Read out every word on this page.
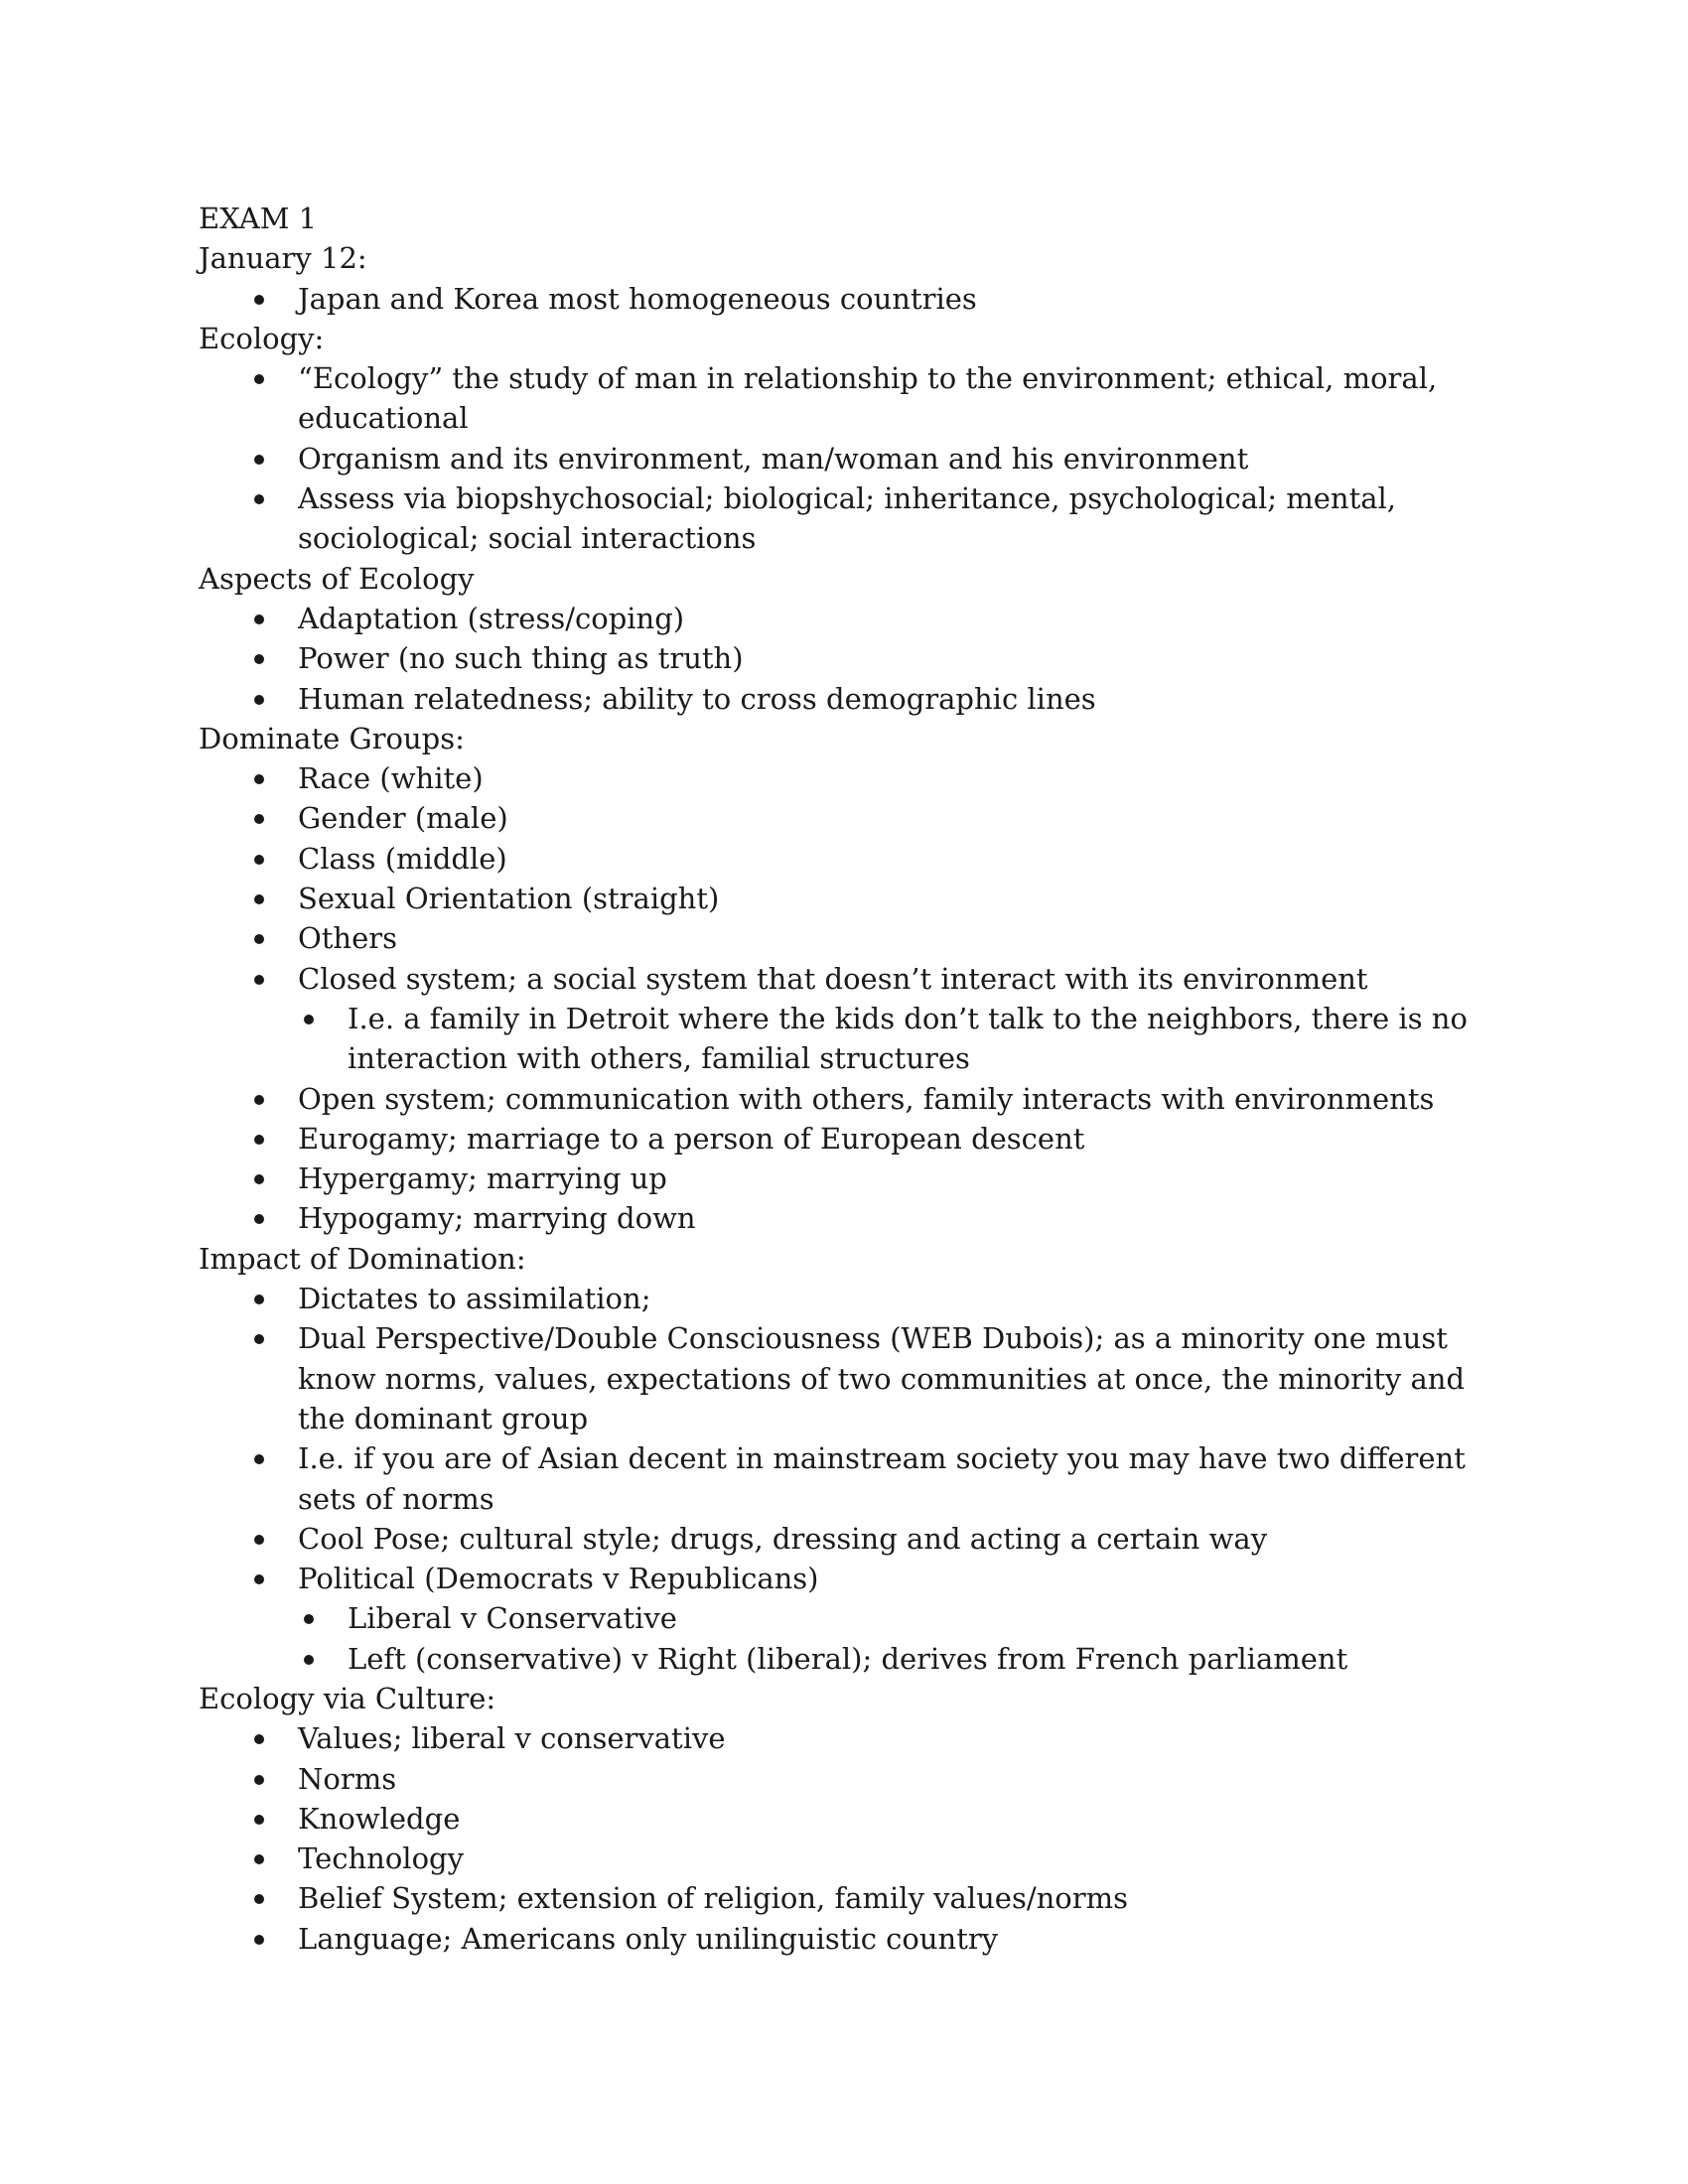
EXAM 1
January 12:
Japan and Korea most homogeneous countries
Ecology:
“Ecology” the study of man in relationship to the environment; ethical, moral, educational
Organism and its environment, man/woman and his environment
Assess via biopshychosocial; biological; inheritance, psychological; mental, sociological; social interactions
Aspects of Ecology
Adaptation (stress/coping)
Power (no such thing as truth)
Human relatedness; ability to cross demographic lines
Dominate Groups:
Race (white)
Gender (male)
Class (middle)
Sexual Orientation (straight)
Others
Closed system; a social system that doesn’t interact with its environment
I.e. a family in Detroit where the kids don’t talk to the neighbors, there is no interaction with others, familial structures
Open system; communication with others, family interacts with environments
Eurogamy; marriage to a person of European descent
Hypergamy; marrying up
Hypogamy; marrying down
Impact of Domination:
Dictates to assimilation;
Dual Perspective/Double Consciousness (WEB Dubois); as a minority one must know norms, values, expectations of two communities at once, the minority and the dominant group
I.e. if you are of Asian decent in mainstream society you may have two different sets of norms
Cool Pose; cultural style; drugs, dressing and acting a certain way
Political (Democrats v Republicans)
Liberal v Conservative
Left (conservative) v Right (liberal); derives from French parliament
Ecology via Culture:
Values; liberal v conservative
Norms
Knowledge
Technology
Belief System; extension of religion, family values/norms
Language; Americans only unilinguistic country
